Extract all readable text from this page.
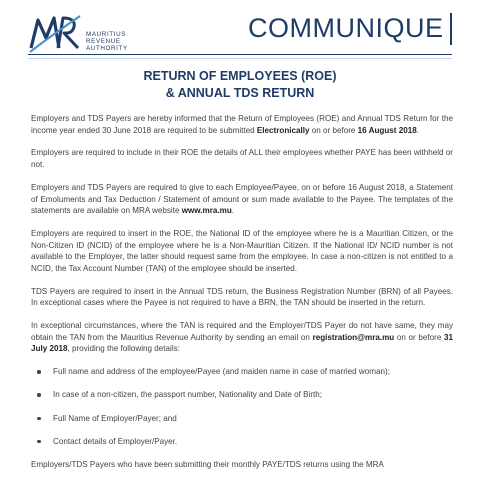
MAURITIUS
REVENUE
AUTHORITY
COMMUNIQUE
RETURN OF EMPLOYEES (ROE)
& ANNUAL TDS RETURN

Employers and TDS Payers are hereby informed that the Return of Employees (ROE) and Annual TDS Return for the income year ended 30 June 2018 are required to be submitted Electronically on or before 16 August 2018.

Employers are required to include in their ROE the details of ALL their employees whether PAYE has been withheld or not.

Employers and TDS Payers are required to give to each Employee/Payee, on or before 16 August 2018, a Statement of Emoluments and Tax Deduction / Statement of amount or sum made available to the Payee. The templates of the statements are available on MRA website www.mra.mu.

Employers are required to insert in the ROE, the National ID of the employee where he is a Mauritian Citizen, or the Non-Citizen ID (NCID) of the employee where he is a Non-Mauritian Citizen. If the National ID/ NCID number is not available to the Employer, the latter should request same from the employee. In case a non-citizen is not entitled to a NCID, the Tax Account Number (TAN) of the employee should be inserted.

TDS Payers are required to insert in the Annual TDS return, the Business Registration Number (BRN) of all Payees. In exceptional cases where the Payee is not required to have a BRN, the TAN should be inserted in the return.

In exceptional circumstances, where the TAN is required and the Employer/TDS Payer do not have same, they may obtain the TAN from the Mauritius Revenue Authority by sending an email on registration@mra.mu on or before 31 July 2018, providing the following details:

Full name and address of the employee/Payee (and maiden name in case of married woman);
In case of a non-citizen, the passport number, Nationality and Date of Birth;
Full Name of Employer/Payer; and
Contact details of Employer/Payer.

Employers/TDS Payers who have been submitting their monthly PAYE/TDS returns using the MRA
